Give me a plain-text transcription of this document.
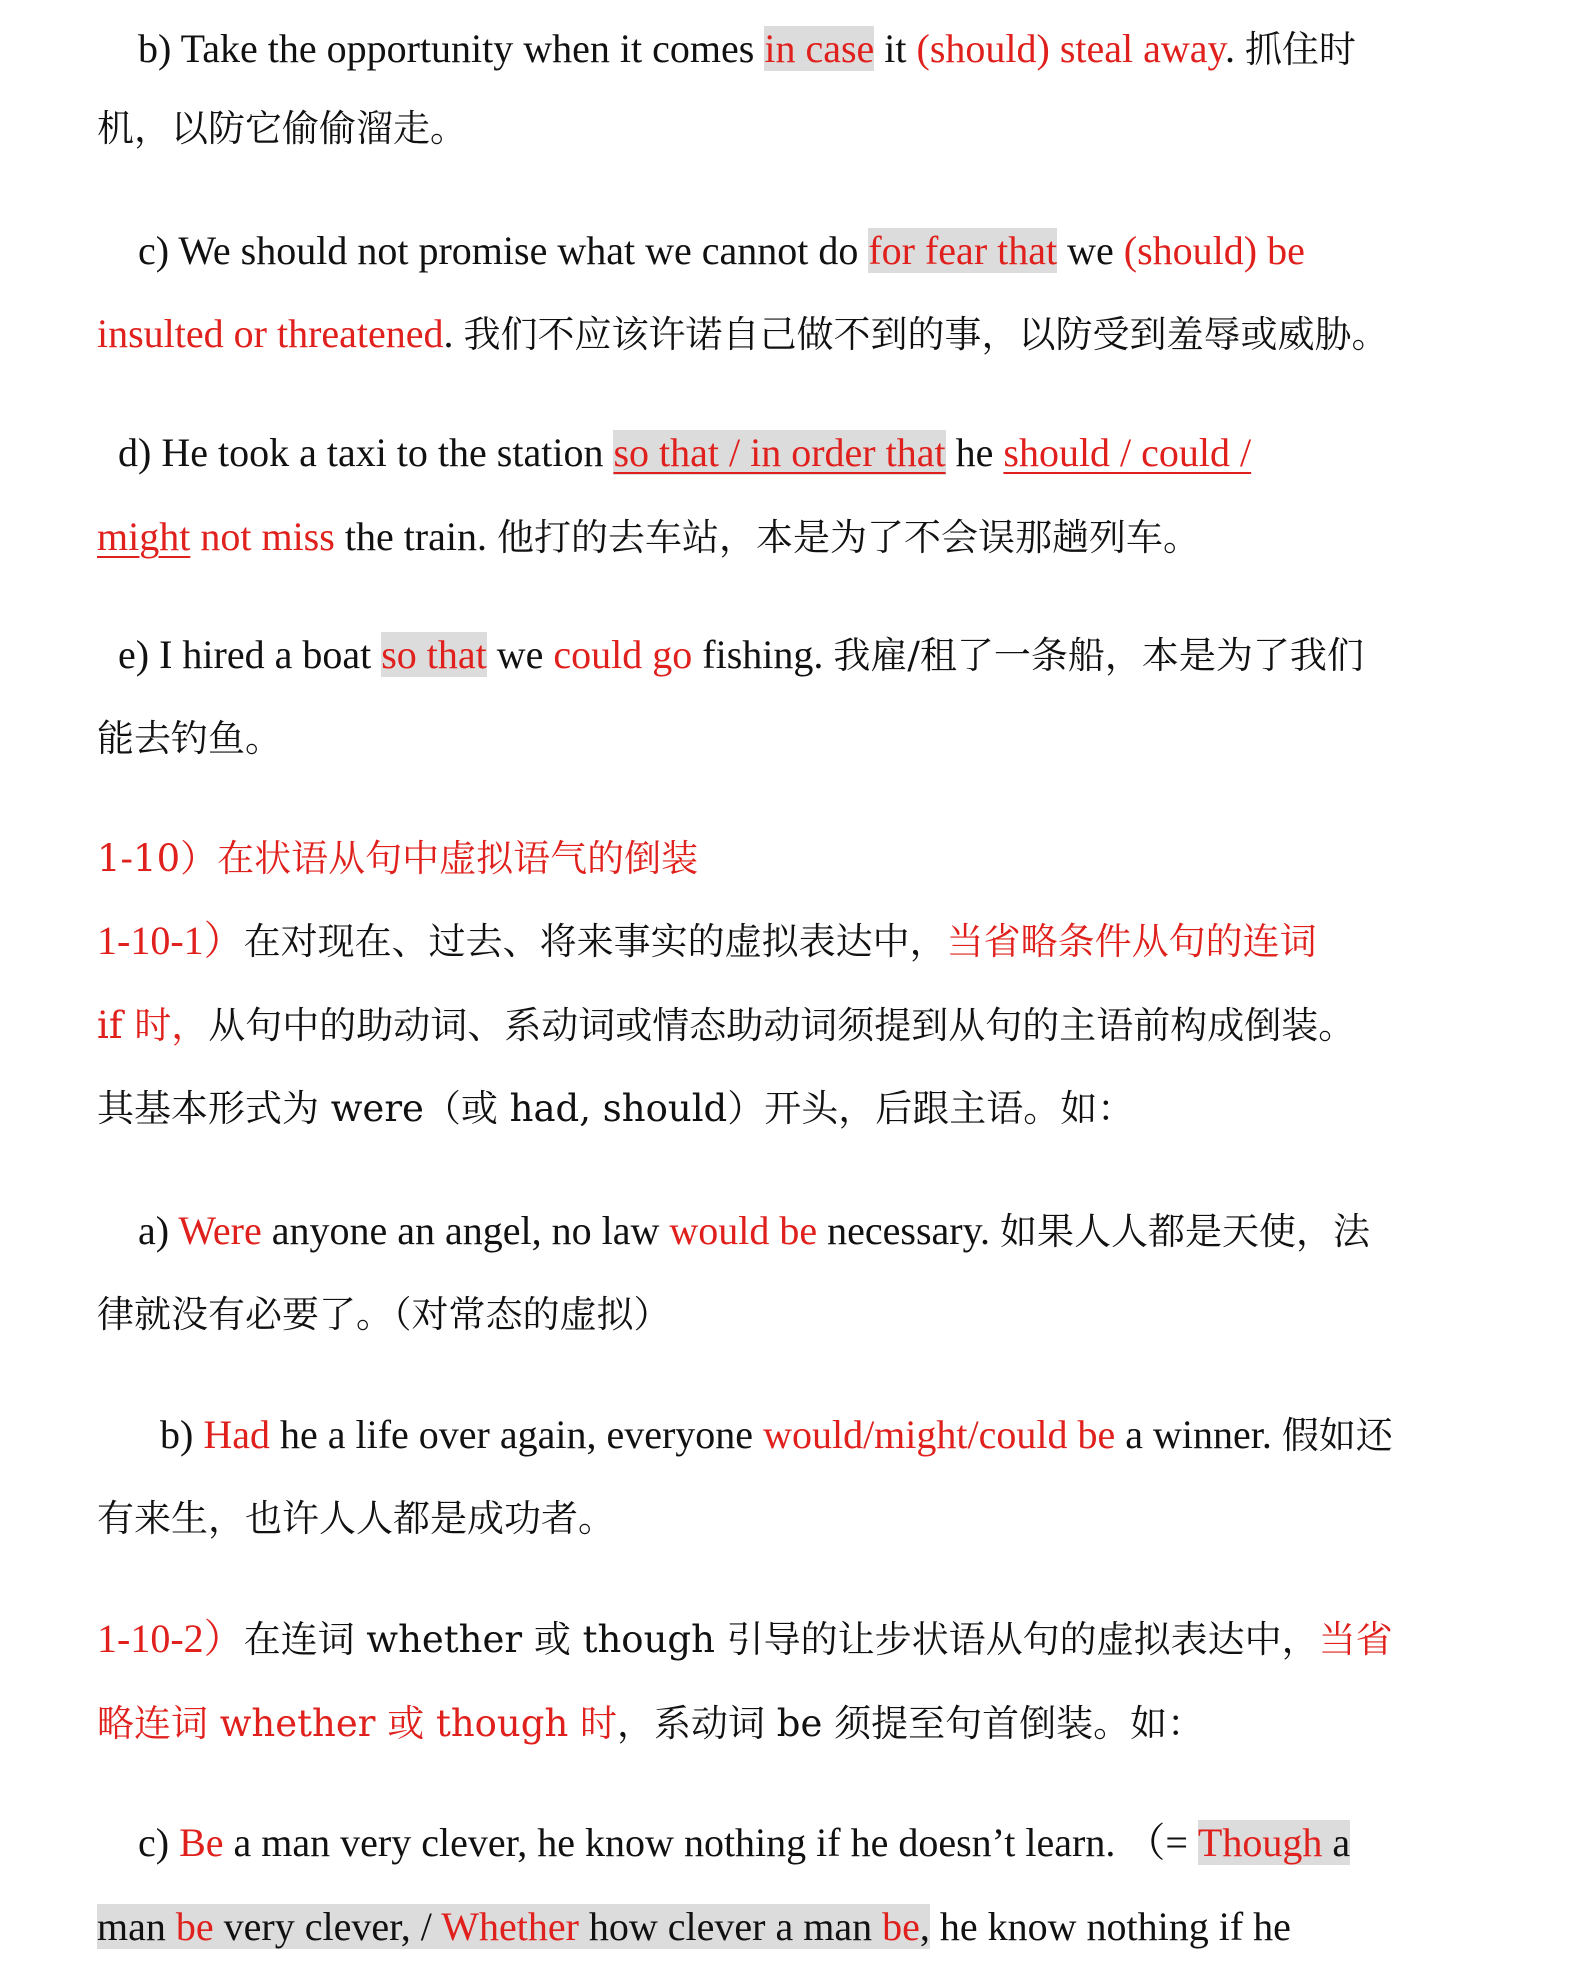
b) Take the opportunity when it comes in case it (should) steal away. 抓住时
机，以防它偷偷溜走。
c) We should not promise what we cannot do for fear that we (should) be
insulted or threatened. 我们不应该许诺自己做不到的事，以防受到羞辱或威胁。
d) He took a taxi to the station so that / in order that he should / could /
might not miss the train. 他打的去车站，本是为了不会误那趟列车。
e) I hired a boat so that we could go fishing. 我雇/租了一条船，本是为了我们
能去钓鱼。
1-10）在状语从句中虚拟语气的倒装
1-10-1）在对现在、过去、将来事实的虚拟表达中，当省略条件从句的连词
if 时，从句中的助动词、系动词或情态助动词须提到从句的主语前构成倒装。
其基本形式为 were（或 had, should）开头，后跟主语。如：
a) Were anyone an angel, no law would be necessary. 如果人人都是天使，法
律就没有必要了。（对常态的虚拟）
b) Had he a life over again, everyone would/might/could be a winner. 假如还
有来生，也许人人都是成功者。
1-10-2）在连词 whether 或 though 引导的让步状语从句的虚拟表达中，当省
略连词 whether 或 though 时，系动词 be 须提至句首倒装。如：
c) Be a man very clever, he know nothing if he doesn’t learn. （= Though a
man be very clever, / Whether how clever a man be, he know nothing if he
